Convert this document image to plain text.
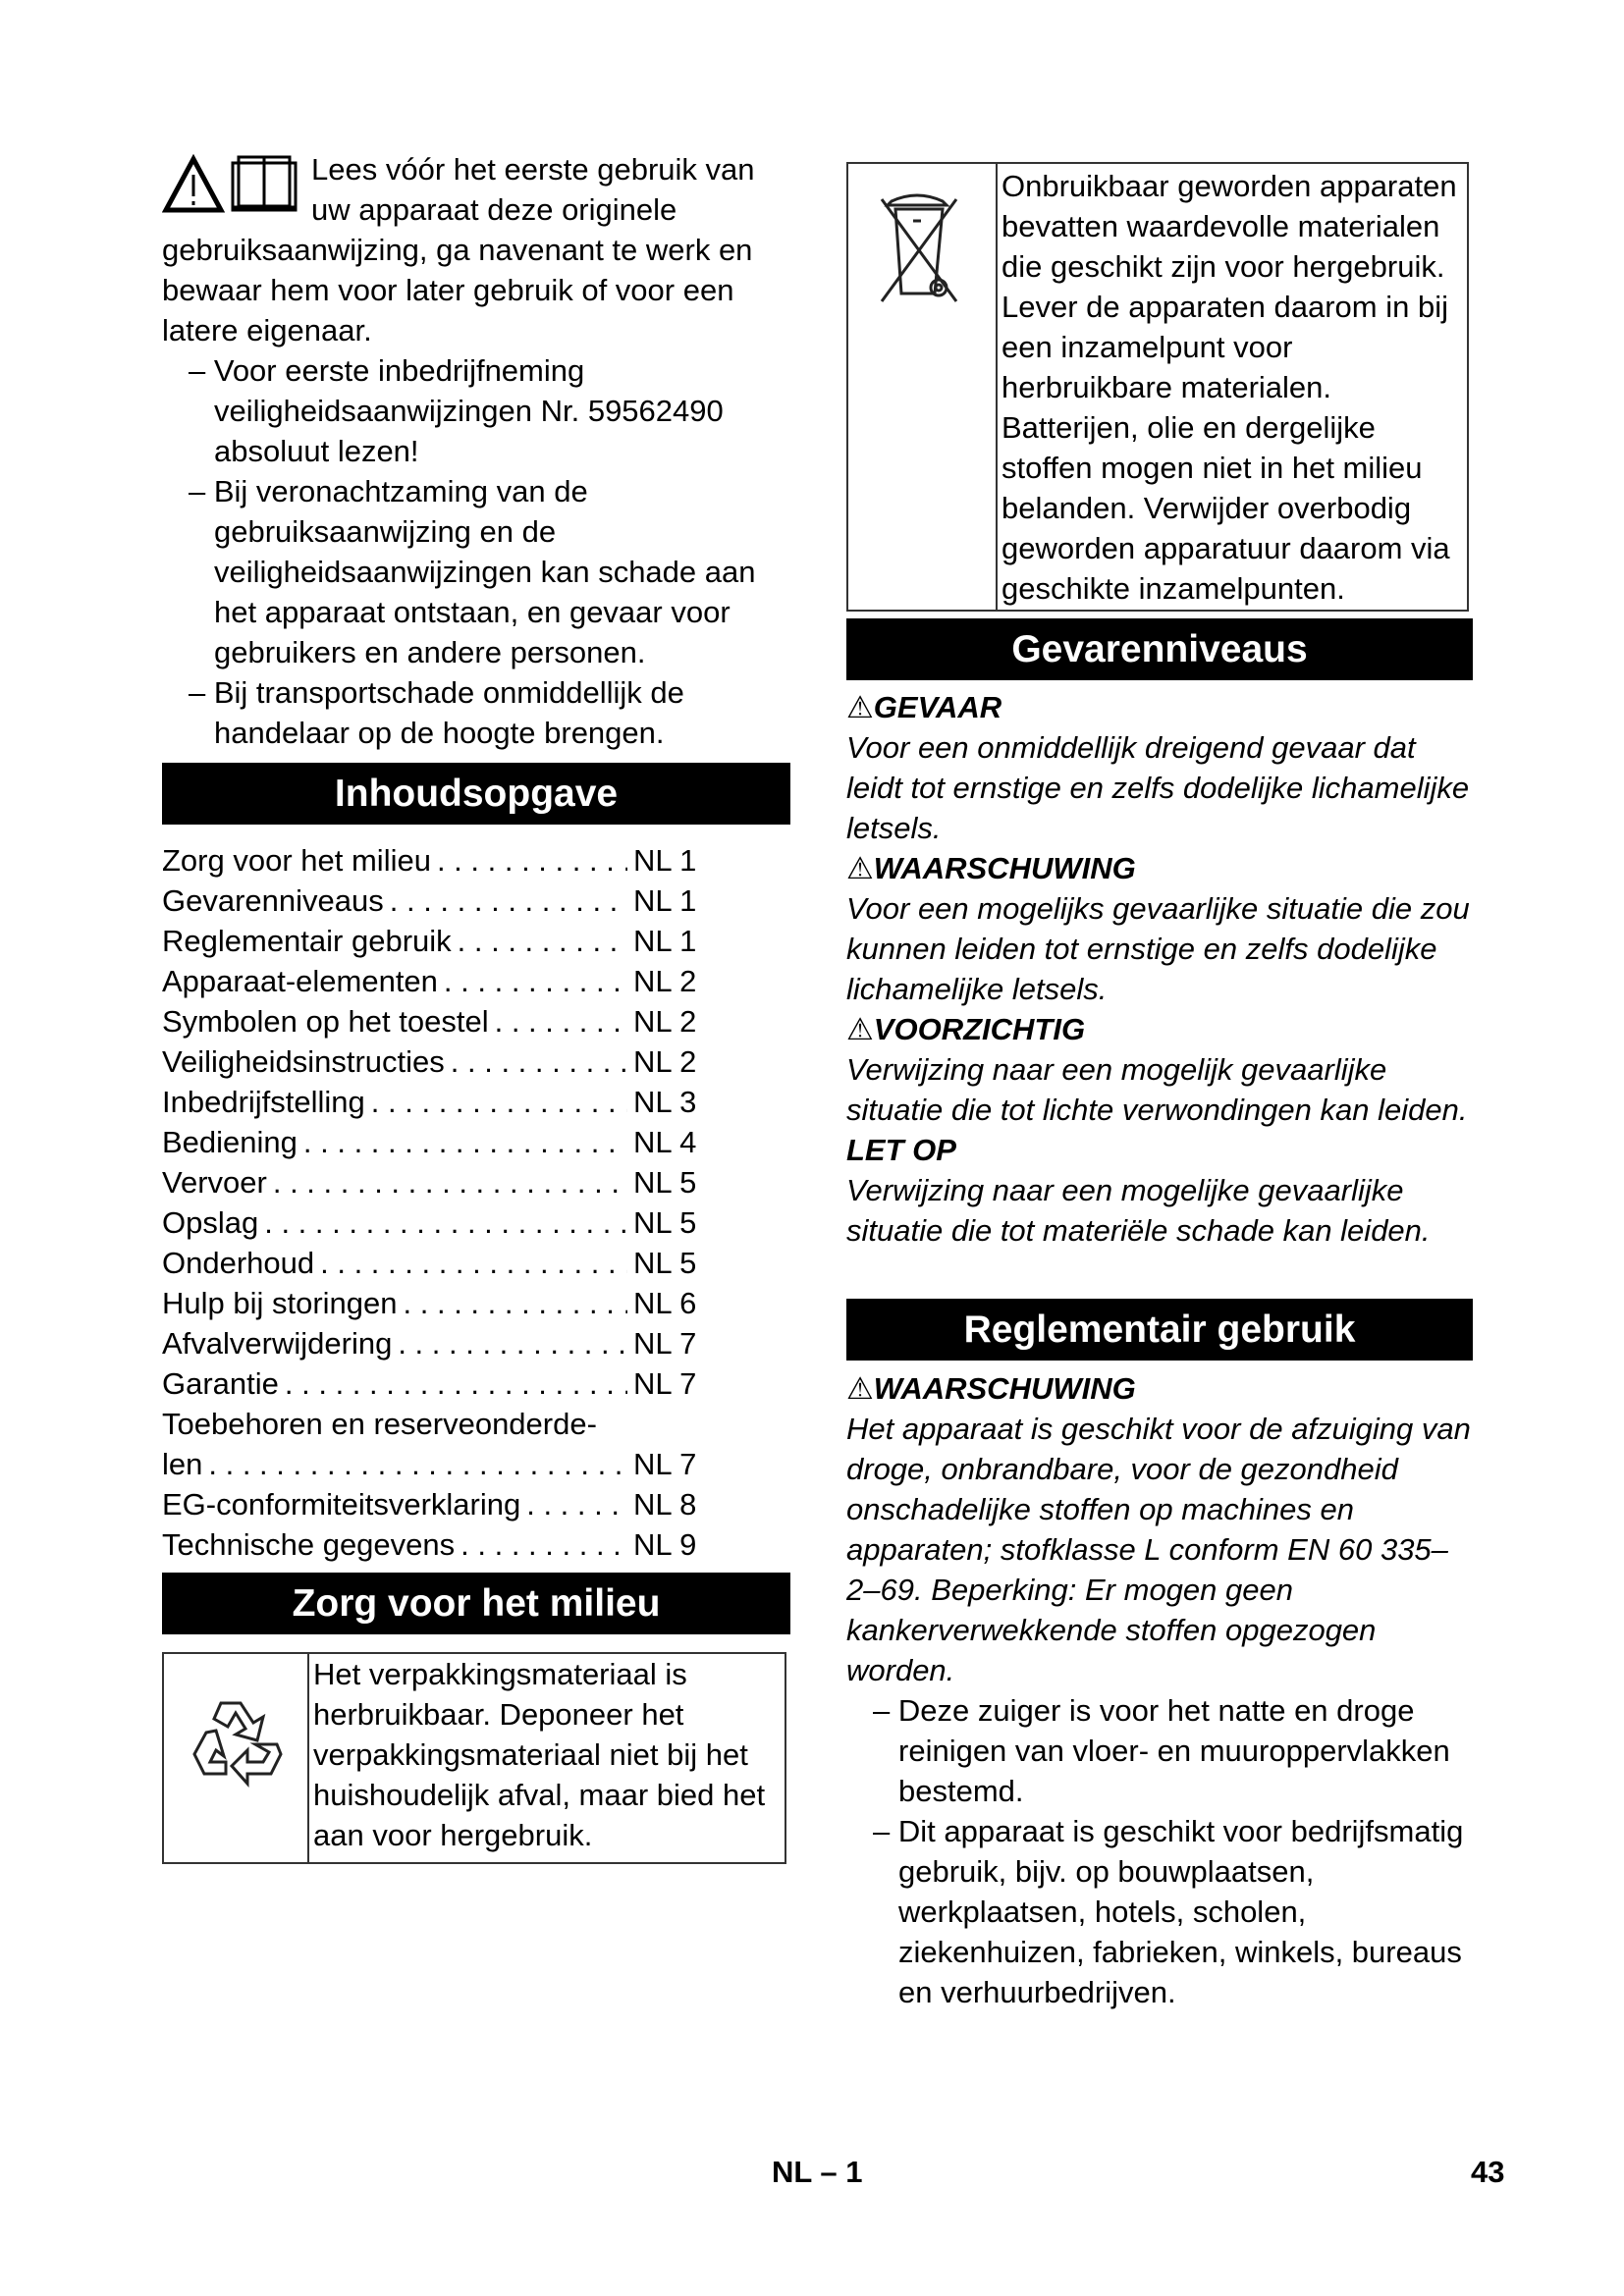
Lees vóór het eerste gebruik van uw apparaat deze originele gebruiksaanwijzing, ga navenant te werk en bewaar hem voor later gebruik of voor een latere eigenaar.

– Voor eerste inbedrijfneming veiligheidsaanwijzingen Nr. 59562490 absoluut lezen!

– Bij veronachtzaming van de gebruiksaanwijzing en de veiligheidsaanwijzingen kan schade aan het apparaat ontstaan, en gevaar voor gebruikers en andere personen.

– Bij transportschade onmiddellijk de handelaar op de hoogte brengen.

Inhoudsopgave
Zorg voor het milieu . . .	NL 1
Gevarenniveaus . . .	NL 1
Reglementair gebruik . . .	NL 1
Apparaat-elementen . . .	NL 2
Symbolen op het toestel . . .	NL 2
Veiligheidsinstructies . . .	NL 2
Inbedrijfstelling . . .	NL 3
Bediening . . .	NL 4
Vervoer . . .	NL 5
Opslag . . .	NL 5
Onderhoud . . .	NL 5
Hulp bij storingen . . .	NL 6
Afvalverwijdering . . .	NL 7
Garantie . . .	NL 7
Toebehoren en reserveonderde-
len . . .	NL 7
EG-conformiteitsverklaring . . .	NL 8
Technische gegevens . . .	NL 9
Zorg voor het milieu
Het verpakkingsmateriaal is herbruikbaar. Deponeer het verpakkingsmateriaal niet bij het huishoudelijk afval, maar bied het aan voor hergebruik.
Onbruikbaar geworden apparaten bevatten waardevolle materialen die geschikt zijn voor hergebruik. Lever de apparaten daarom in bij een inzamelpunt voor herbruikbare materialen. Batterijen, olie en dergelijke stoffen mogen niet in het milieu belanden. Verwijder overbodig geworden apparatuur daarom via geschikte inzamelpunten.
Gevarenniveaus

⚠GEVAAR

Voor een onmiddellijk dreigend gevaar dat leidt tot ernstige en zelfs dodelijke lichamelijke letsels.

⚠WAARSCHUWING

Voor een mogelijks gevaarlijke situatie die zou kunnen leiden tot ernstige en zelfs dodelijke lichamelijke letsels.

⚠VOORZICHTIG

Verwijzing naar een mogelijk gevaarlijke situatie die tot lichte verwondingen kan leiden.

LET OP

Verwijzing naar een mogelijke gevaarlijke situatie die tot materiële schade kan leiden.

Reglementair gebruik

⚠WAARSCHUWING

Het apparaat is geschikt voor de afzuiging van droge, onbrandbare, voor de gezondheid onschadelijke stoffen op machines en apparaten; stofklasse L conform EN 60 335–2–69. Beperking: Er mogen geen kankerverwekkende stoffen opgezogen worden.

– Deze zuiger is voor het natte en droge reinigen van vloer- en muuroppervlakken bestemd.

– Dit apparaat is geschikt voor bedrijfsmatig gebruik, bijv. op bouwplaatsen, werkplaatsen, hotels, scholen, ziekenhuizen, fabrieken, winkels, bureaus en verhuurbedrijven.

NL – 1	43
